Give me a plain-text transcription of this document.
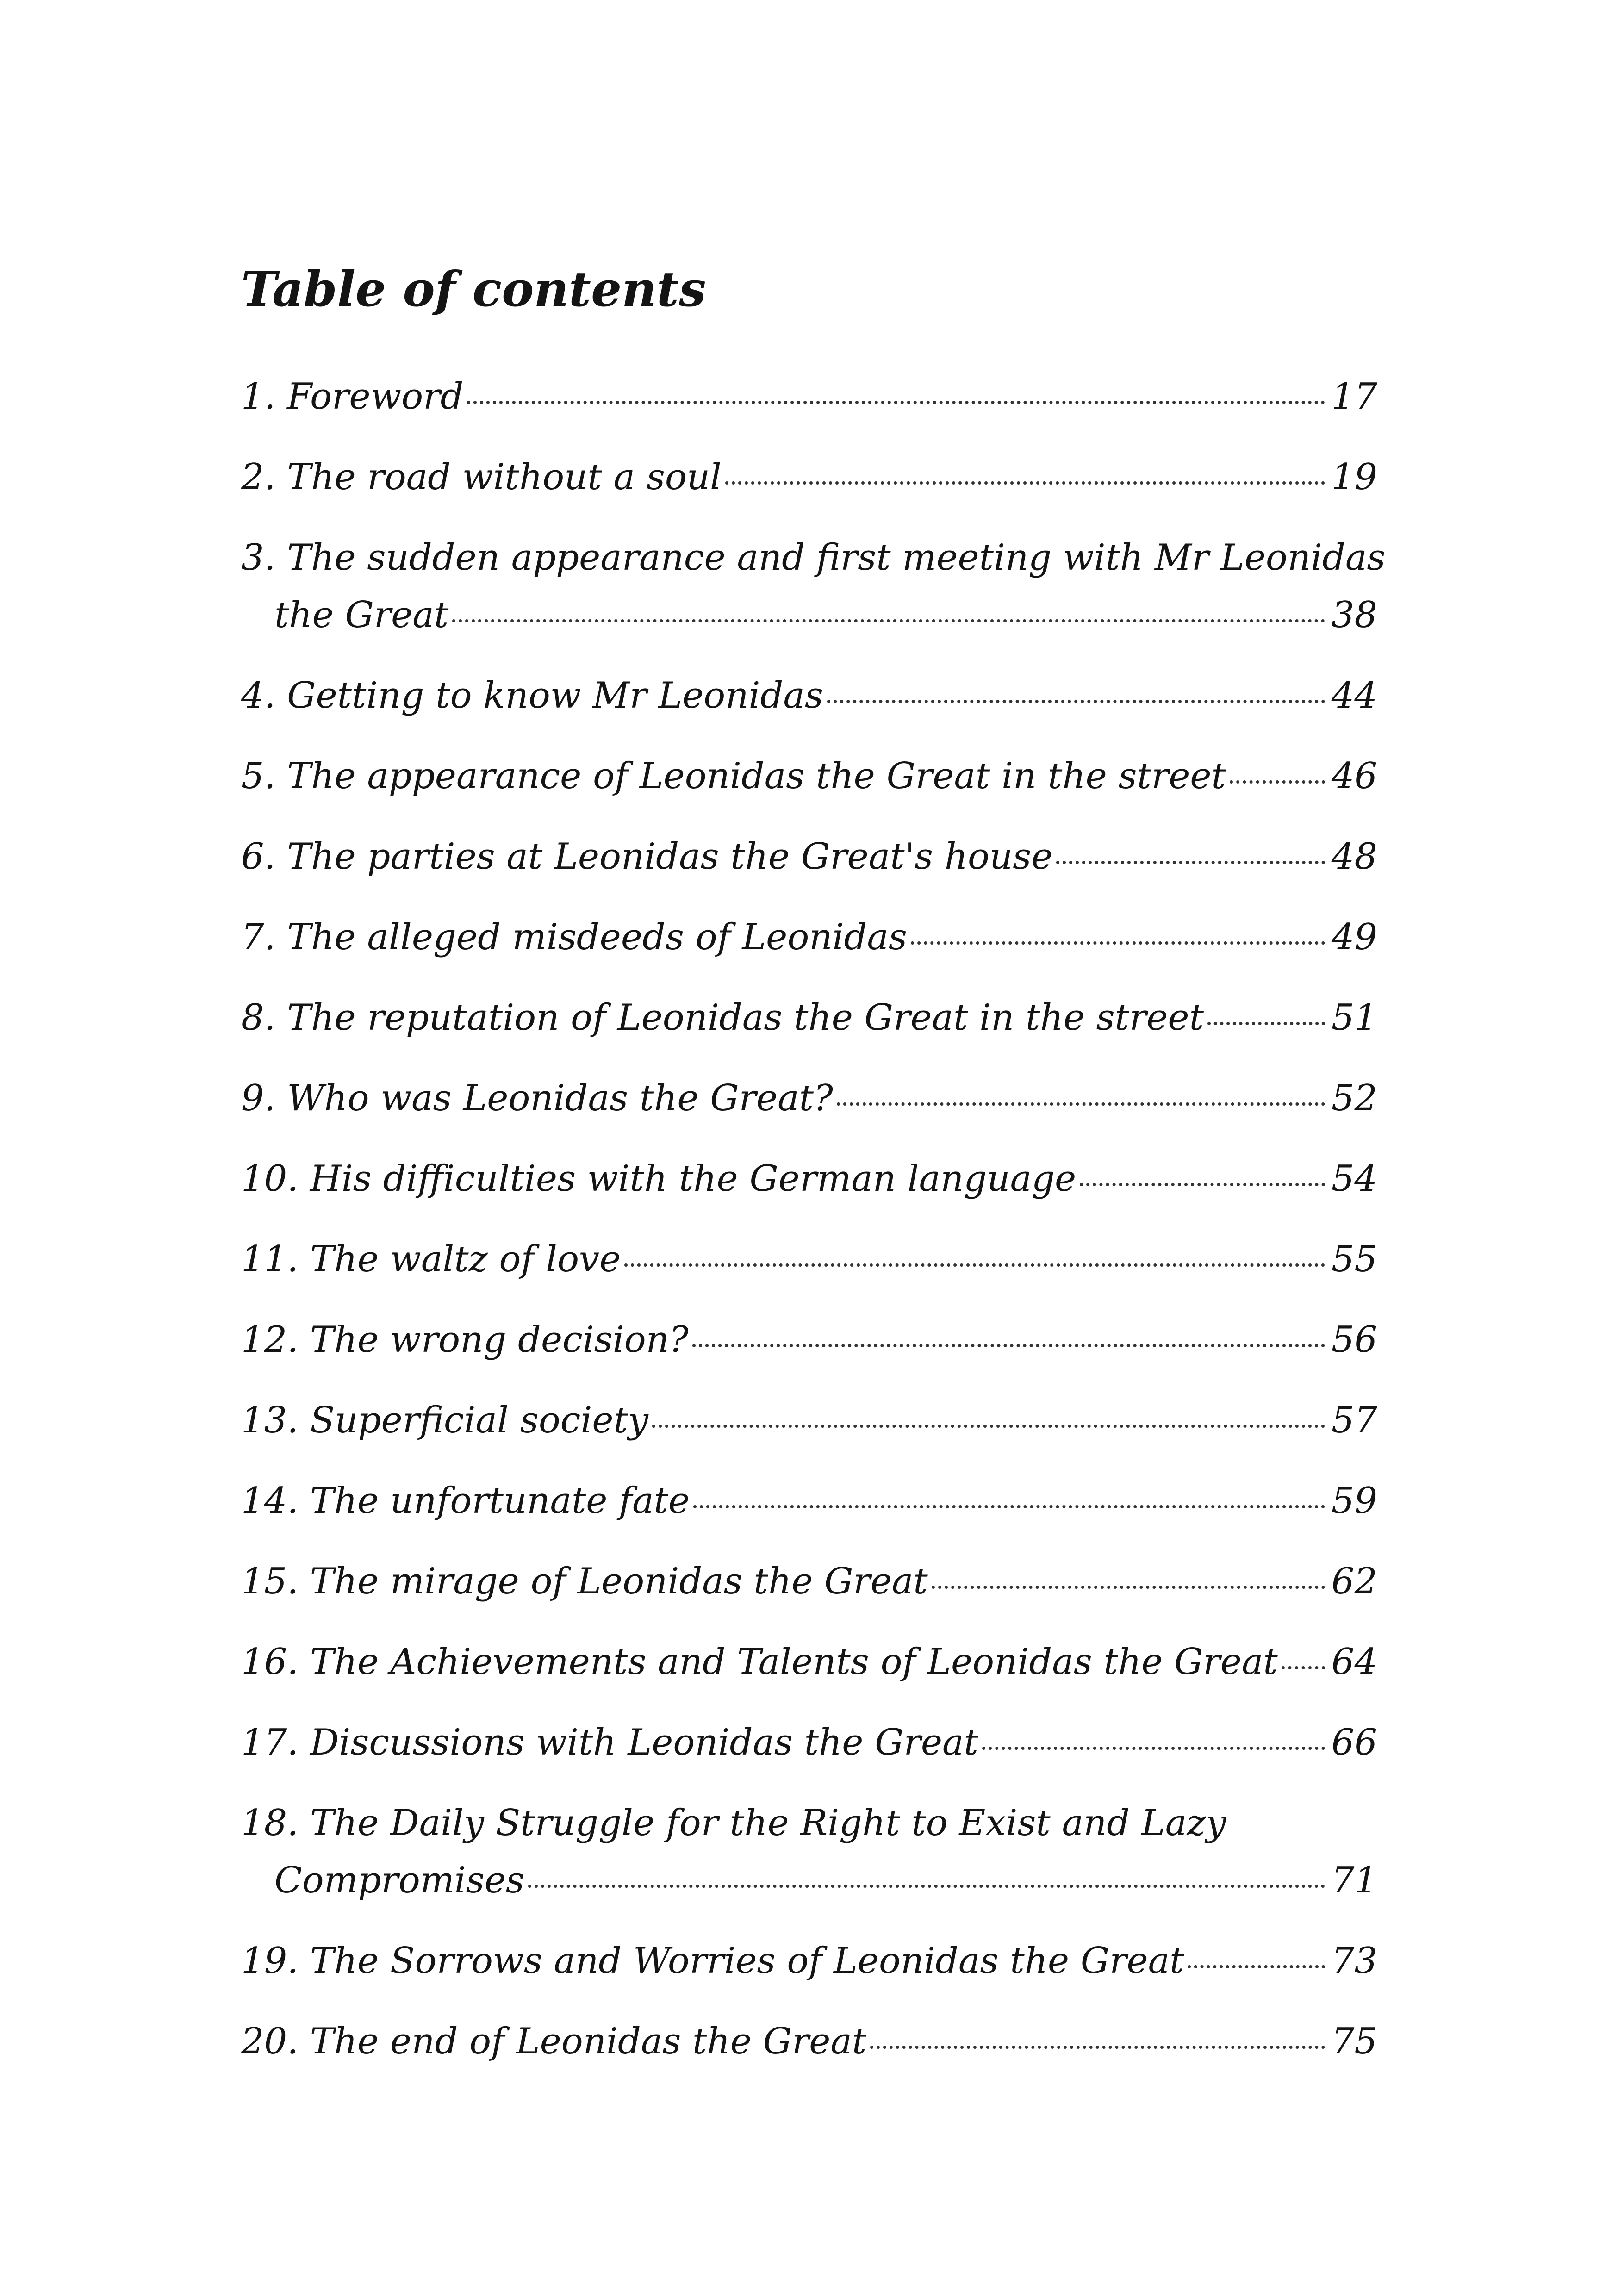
Table of contents
1. Foreword	17
2. The road without a soul	19
3. The sudden appearance and first meeting with Mr Leonidas
the Great	38
4. Getting to know Mr Leonidas	44
5. The appearance of Leonidas the Great in the street	46
6. The parties at Leonidas the Great's house	48
7. The alleged misdeeds of Leonidas	49
8. The reputation of Leonidas the Great in the street	51
9. Who was Leonidas the Great?	52
10. His difficulties with the German language	54
11. The waltz of love	55
12. The wrong decision?	56
13. Superficial society	57
14. The unfortunate fate	59
15. The mirage of Leonidas the Great	62
16. The Achievements and Talents of Leonidas the Great 64
17. Discussions with Leonidas the Great	66
18. The Daily Struggle for the Right to Exist and Lazy
Compromises	71
19. The Sorrows and Worries of Leonidas the Great	73
20. The end of Leonidas the Great	75
